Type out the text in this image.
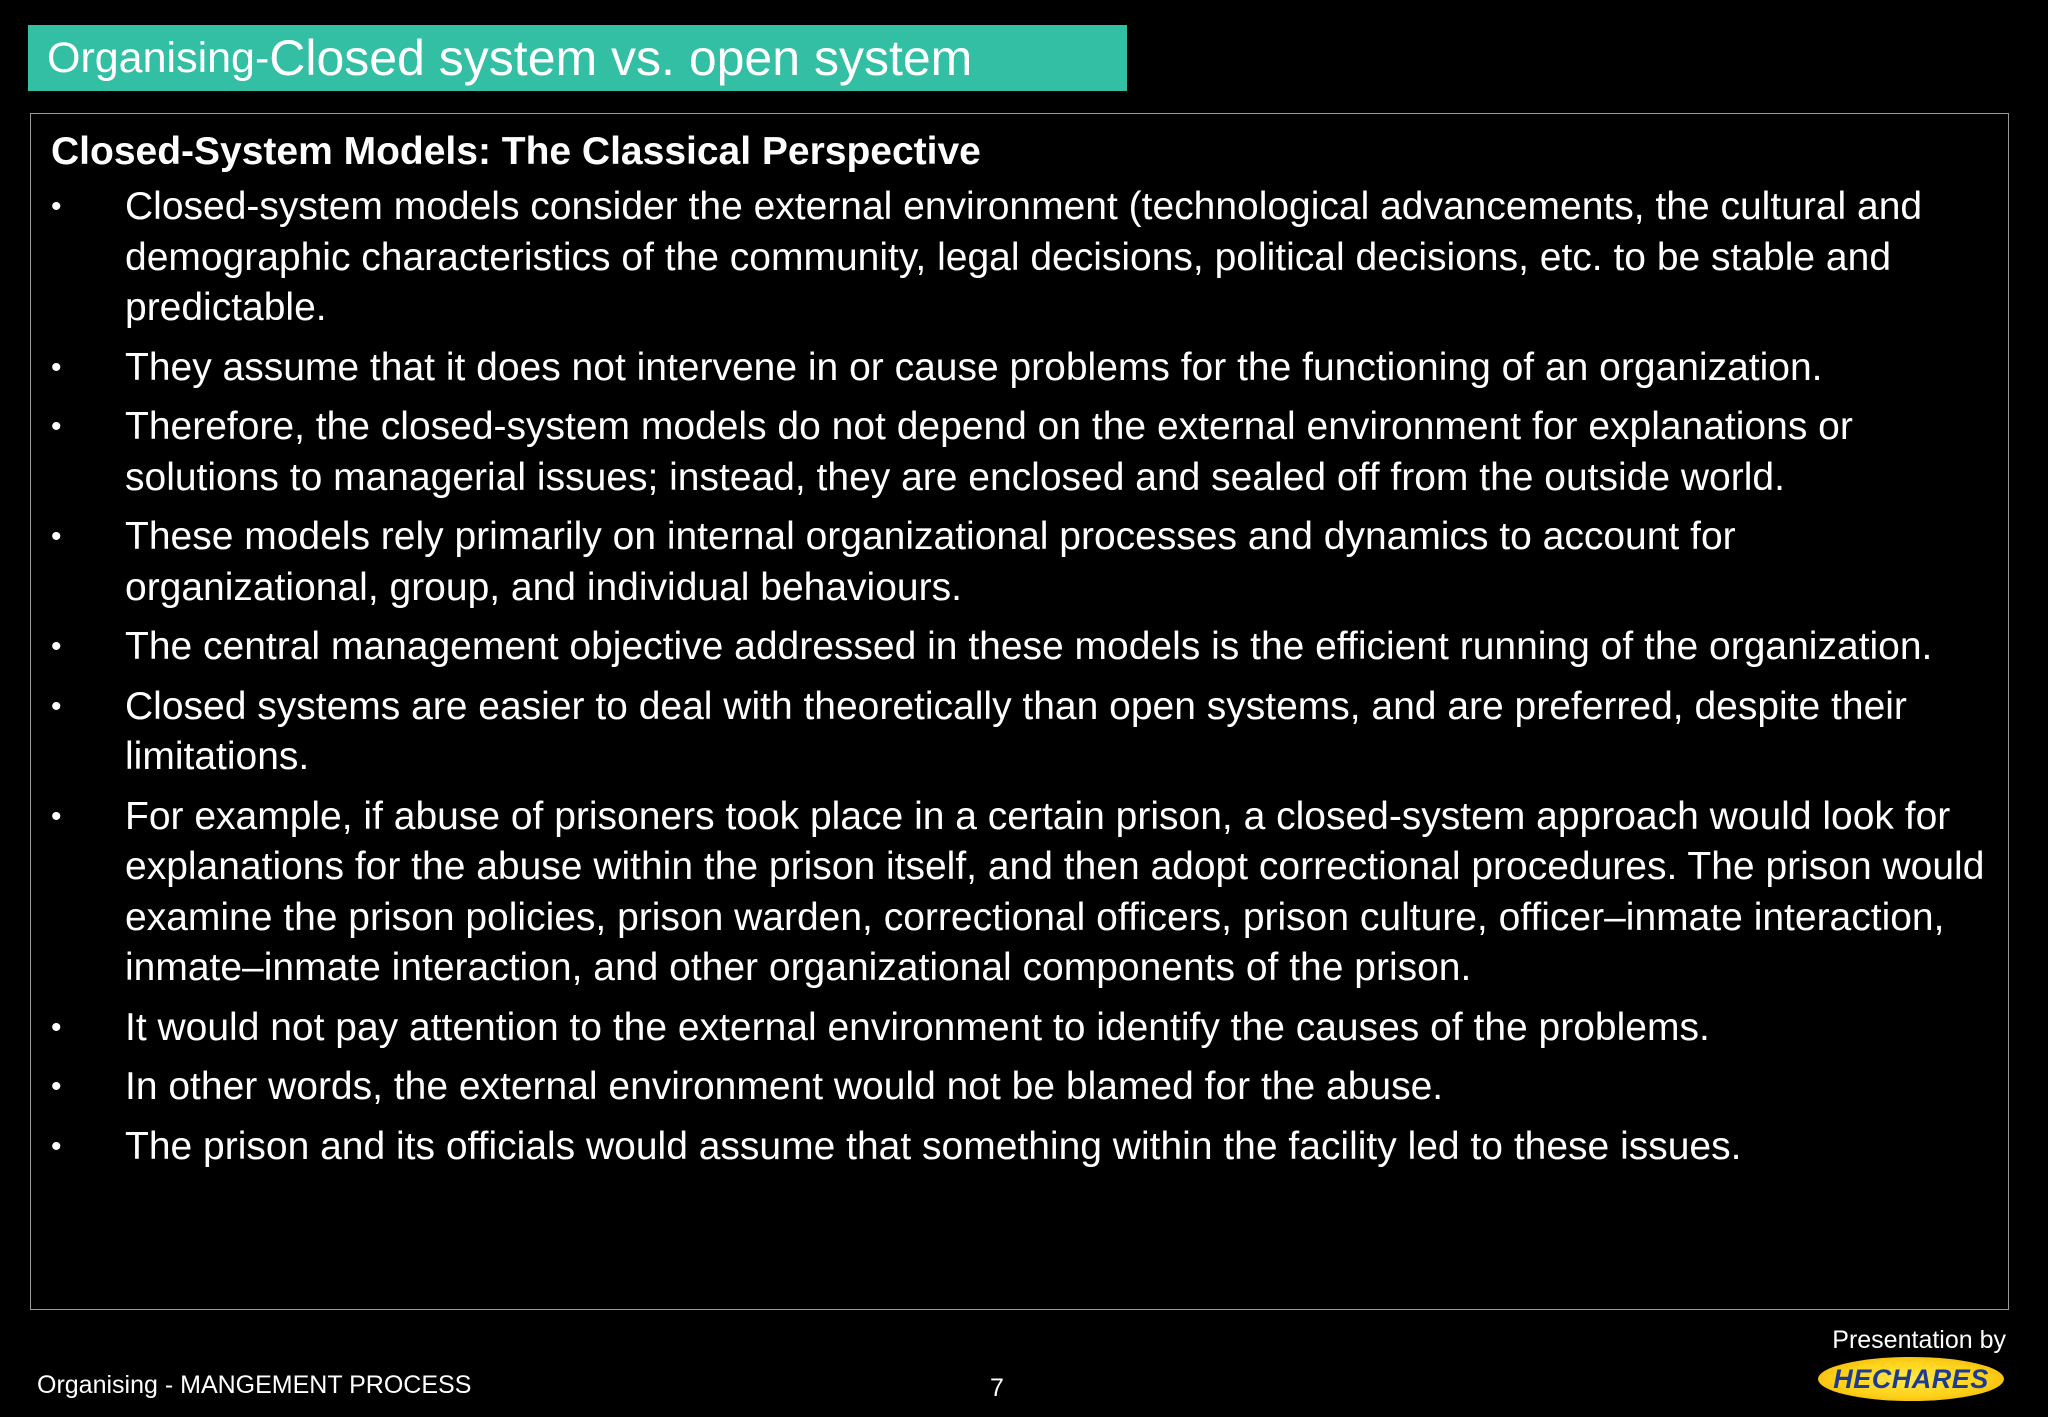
Organising- Closed system vs. open system
Closed-System Models: The Classical Perspective
• Closed-system models consider the external environment (technological advancements, the cultural and demographic characteristics of the community, legal decisions, political decisions, etc. to be stable and predictable.
• They assume that it does not intervene in or cause problems for the functioning of an organization.
• Therefore, the closed-system models do not depend on the external environment for explanations or solutions to managerial issues; instead, they are enclosed and sealed off from the outside world.
• These models rely primarily on internal organizational processes and dynamics to account for organizational, group, and individual behaviours.
• The central management objective addressed in these models is the efficient running of the organization.
• Closed systems are easier to deal with theoretically than open systems, and are preferred, despite their limitations.
• For example, if abuse of prisoners took place in a certain prison, a closed-system approach would look for explanations for the abuse within the prison itself, and then adopt correctional procedures. The prison would examine the prison policies, prison warden, correctional officers, prison culture, officer–inmate interaction, inmate–inmate interaction, and other organizational components of the prison.
• It would not pay attention to the external environment to identify the causes of the problems.
• In other words, the external environment would not be blamed for the abuse.
• The prison and its officials would assume that something within the facility led to these issues.
Organising - MANGEMENT PROCESS	7
Presentation by
HECHARES
